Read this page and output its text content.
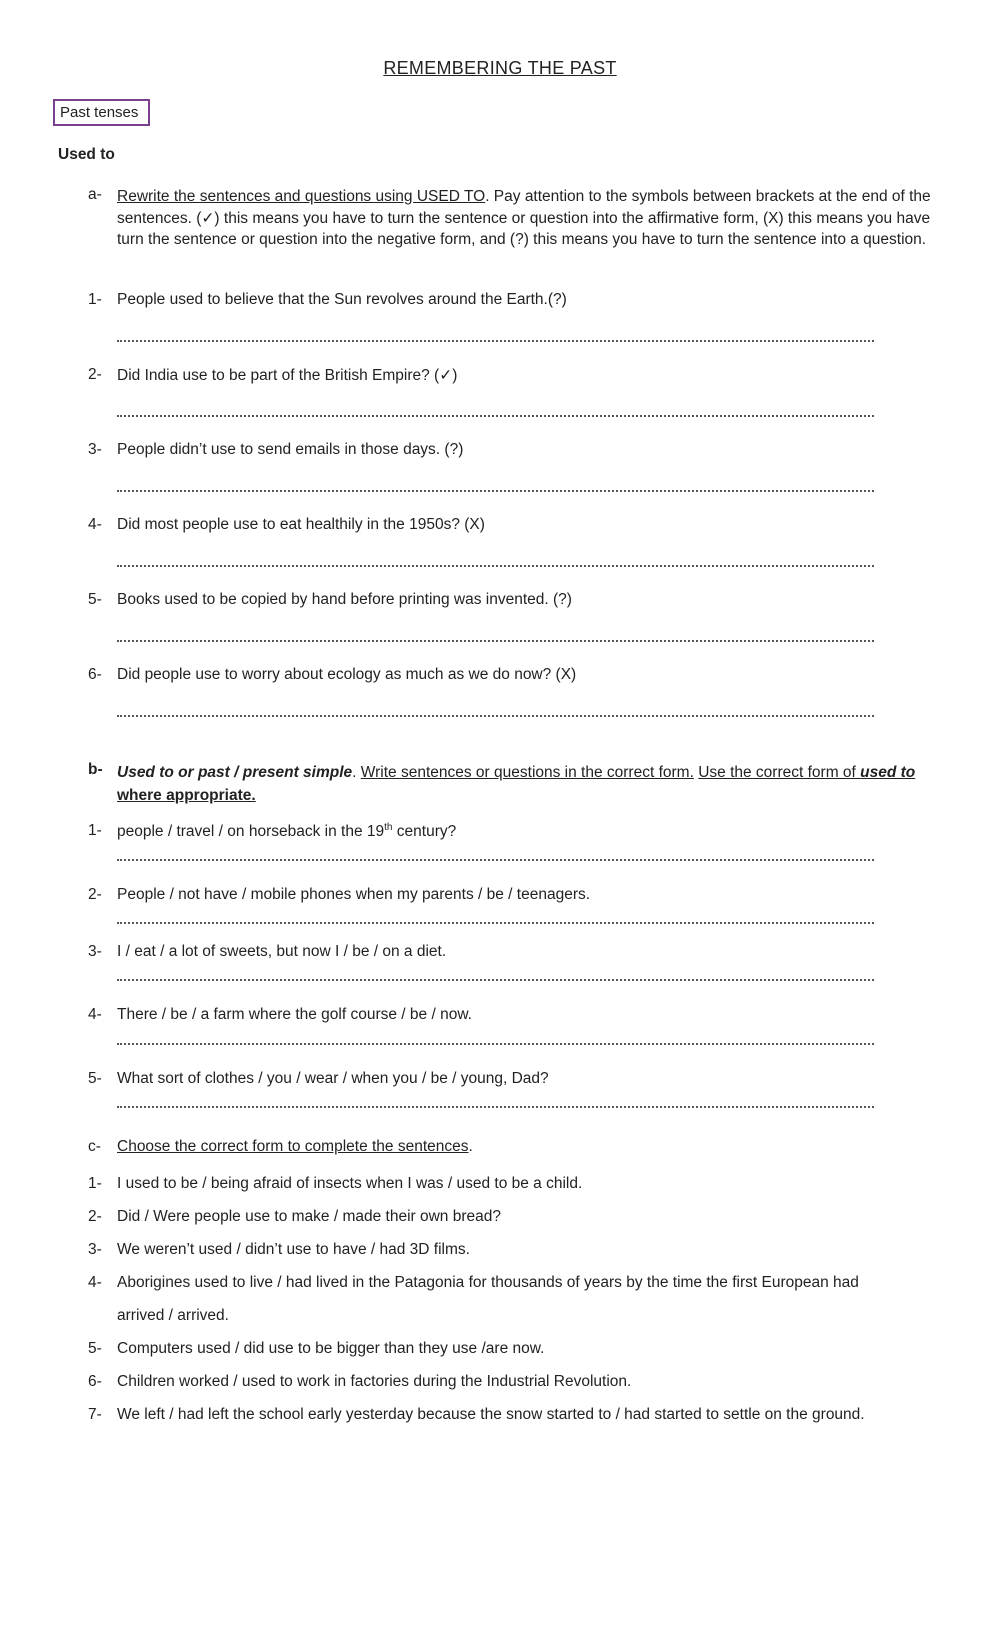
REMEMBERING THE PAST
Past tenses
Used to
a- Rewrite the sentences and questions using USED TO. Pay attention to the symbols between brackets at the end of the sentences. (✓) this means you have to turn the sentence or question into the affirmative form, (X) this means you have turn the sentence or question into the negative form, and (?) this means you have to turn the sentence into a question.
1- People used to believe that the Sun revolves around the Earth.(?)
2- Did India use to be part of the British Empire? (✓)
3- People didn’t use to send emails in those days. (?)
4- Did most people use to eat healthily in the 1950s? (X)
5- Books used to be copied by hand before printing was invented. (?)
6- Did people use to worry about ecology as much as we do now? (X)
b- Used to or past / present simple. Write sentences or questions in the correct form. Use the correct form of used to where appropriate.
1- people / travel / on horseback in the 19th century?
2- People / not have / mobile phones when my parents / be / teenagers.
3- I / eat / a lot of sweets, but now I / be / on a diet.
4- There / be / a farm where the golf course / be / now.
5- What sort of clothes / you / wear / when you / be / young, Dad?
c- Choose the correct form to complete the sentences.
1- I used to be / being afraid of insects when I was / used to be a child.
2- Did / Were people use to make / made their own bread?
3- We weren’t used / didn’t use to have / had 3D films.
4- Aborigines used to live / had lived in the Patagonia for thousands of years by the time the first European had
arrived / arrived.
5- Computers used / did use to be bigger than they use /are now.
6- Children worked / used to work in factories during the Industrial Revolution.
7- We left / had left the school early yesterday because the snow started to / had started to settle on the ground.
